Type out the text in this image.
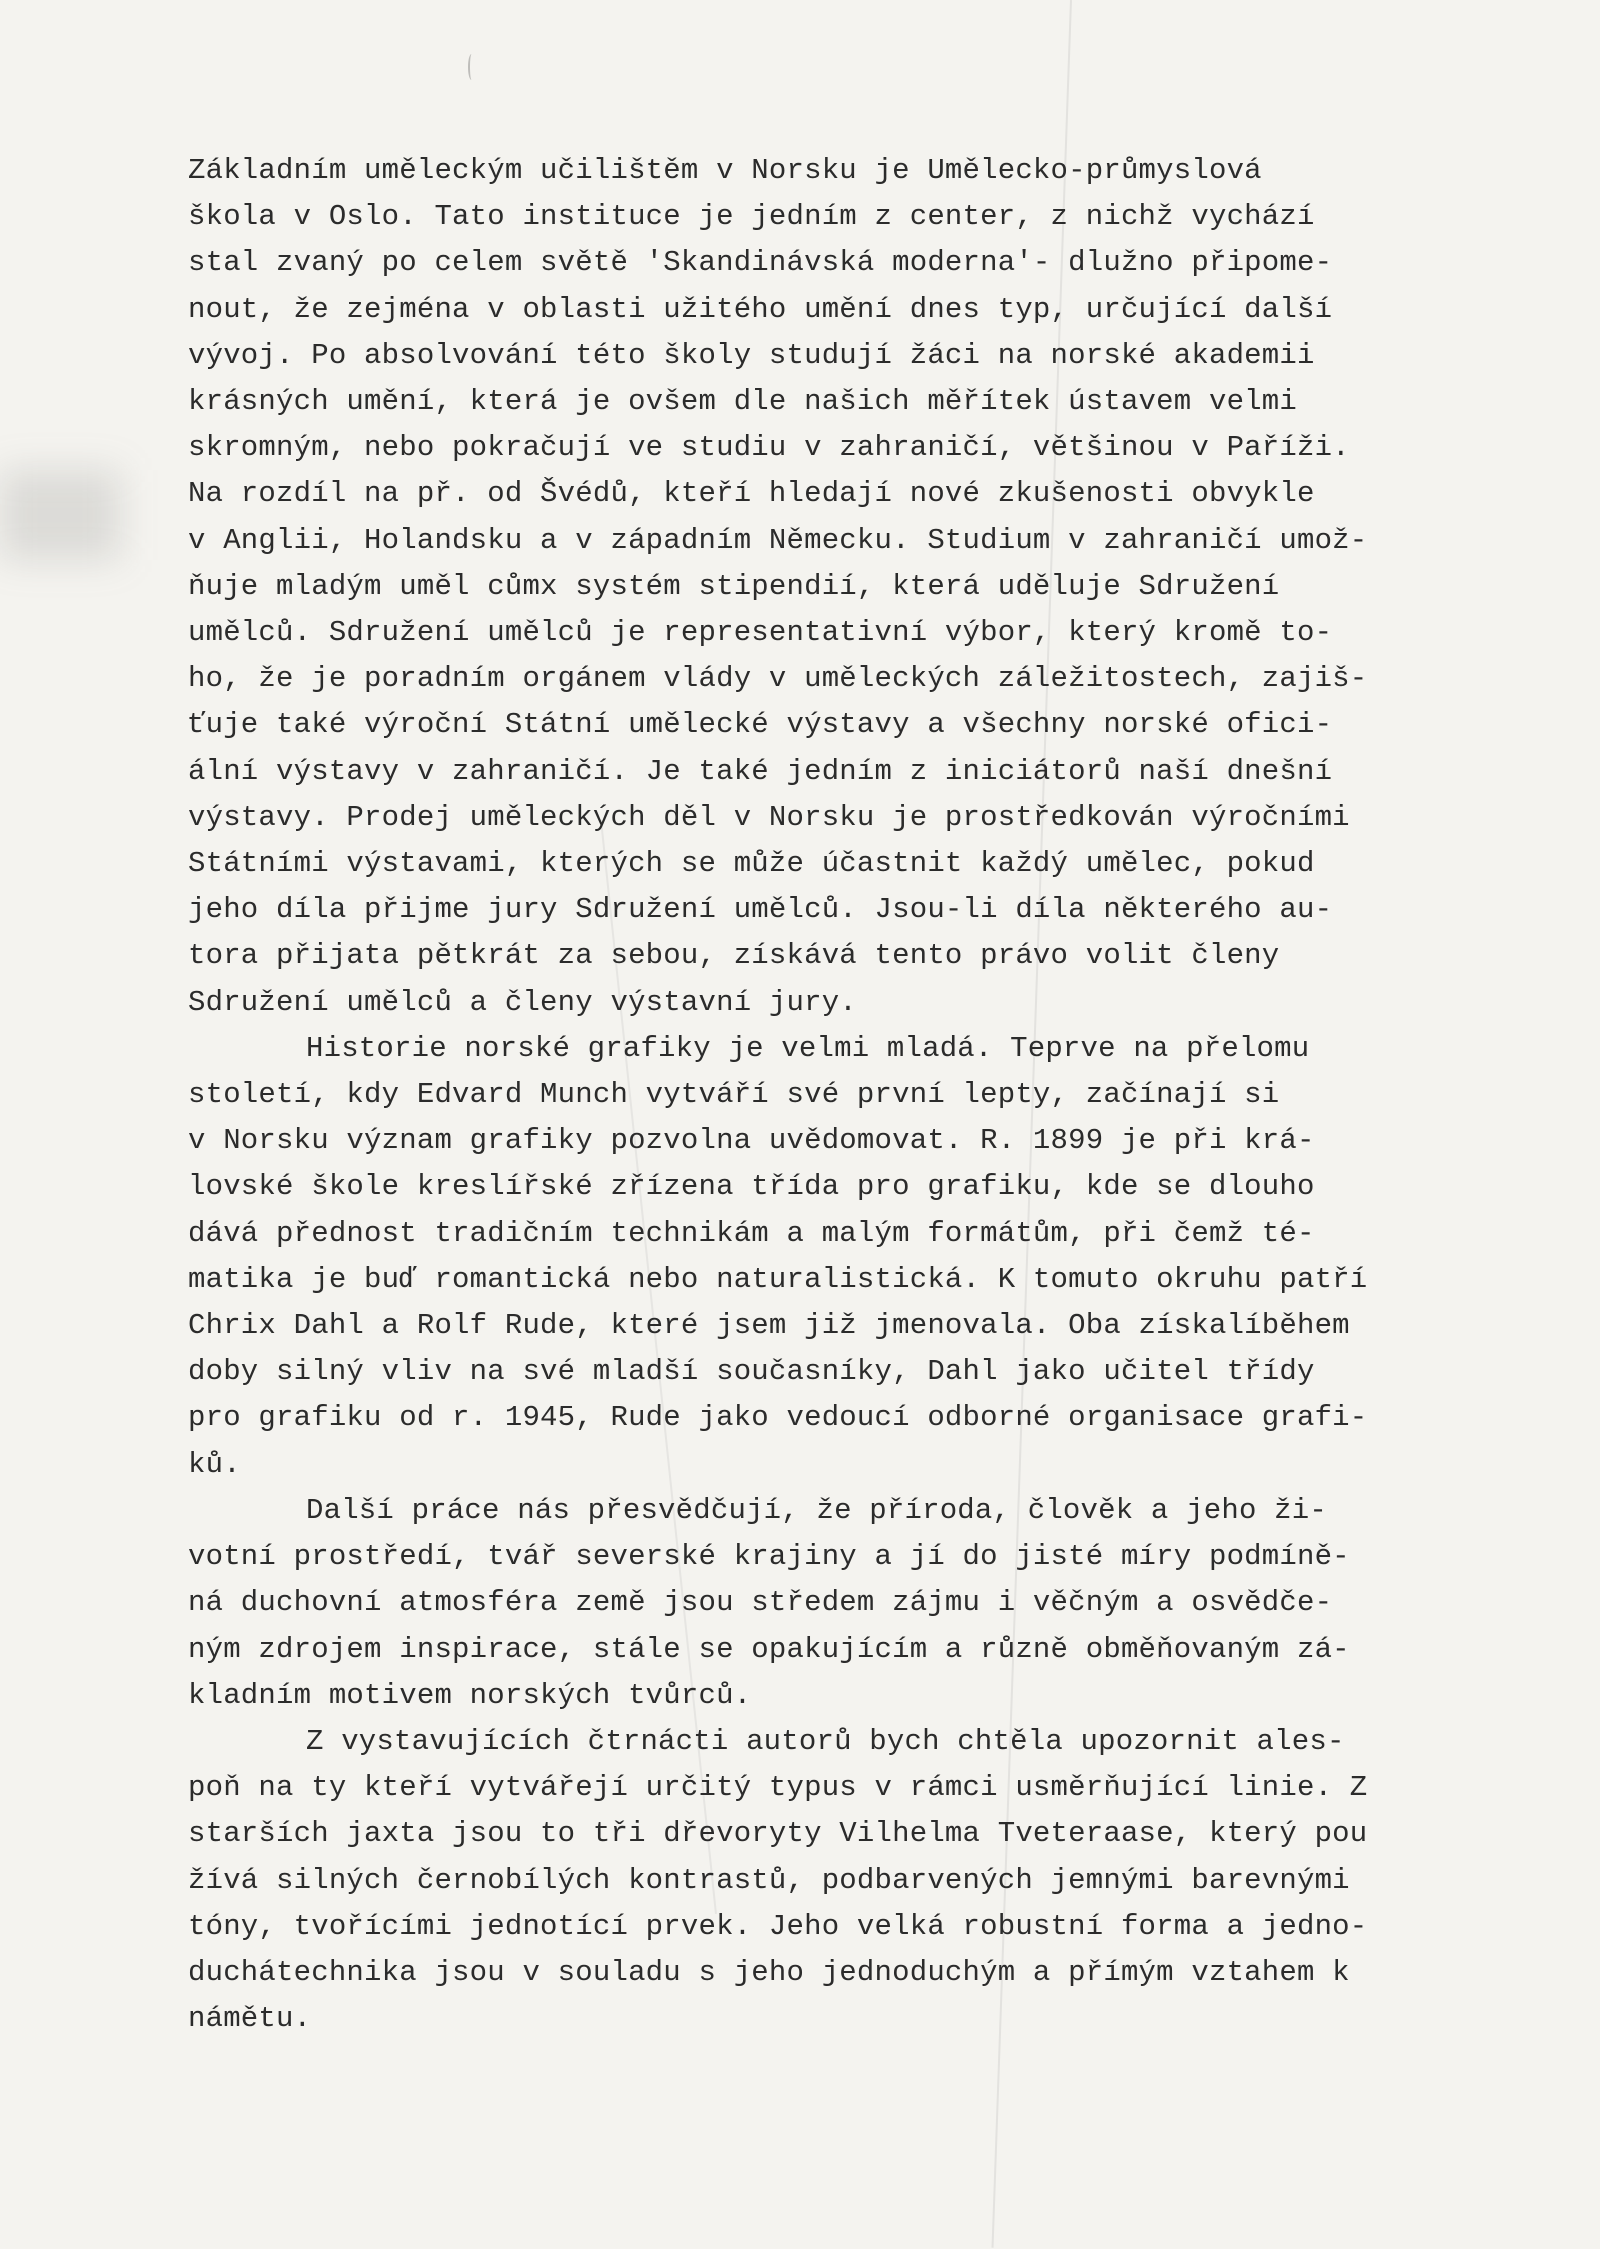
Základním uměleckým učilištěm v Norsku je Umělecko-průmyslová
škola v Oslo. Tato instituce je jedním z center, z nichž vychází
stal zvaný po celem světě 'Skandinávská moderna'- dlužno připome-
nout, že zejména v oblasti užitého umění dnes typ, určující další
vývoj. Po absolvování této školy studují žáci na norské akademii
krásných umění, která je ovšem dle našich měřítek ústavem velmi
skromným, nebo pokračují ve studiu v zahraničí, většinou v Paříži.
Na rozdíl na př. od Švédů, kteří hledají nové zkušenosti obvykle
v Anglii, Holandsku a v západním Německu. Studium v zahraničí umož-
ňuje mladým uměl cůmx systém stipendií, která uděluje Sdružení
umělců. Sdružení umělců je representativní výbor, který kromě to-
ho, že je poradním orgánem vlády v uměleckých záležitostech, zajiš-
ťuje také výroční Státní umělecké výstavy a všechny norské ofici-
ální výstavy v zahraničí. Je také jedním z iniciátorů naší dnešní
výstavy. Prodej uměleckých děl v Norsku je prostředkován výročními
Státními výstavami, kterých se může účastnit každý umělec, pokud
jeho díla přijme jury Sdružení umělců. Jsou-li díla některého au-
tora přijata pětkrát za sebou, získává tento právo volit členy
Sdružení umělců a členy výstavní jury.
Historie norské grafiky je velmi mladá. Teprve na přelomu
století, kdy Edvard Munch vytváří své první lepty, začínají si
v Norsku význam grafiky pozvolna uvědomovat. R. 1899 je při krá-
lovské škole kreslířské zřízena třída pro grafiku, kde se dlouho
dává přednost tradičním technikám a malým formátům, při čemž té-
matika je buď romantická nebo naturalistická. K tomuto okruhu patří
Chrix Dahl a Rolf Rude, které jsem již jmenovala. Oba získalíběhem
doby silný vliv na své mladší současníky, Dahl jako učitel třídy
pro grafiku od r. 1945, Rude jako vedoucí odborné organisace grafi-
ků.
Další práce nás přesvědčují, že příroda, člověk a jeho ži-
votní prostředí, tvář severské krajiny a jí do jisté míry podmíně-
ná duchovní atmosféra země jsou středem zájmu i věčným a osvědče-
ným zdrojem inspirace, stále se opakujícím a různě obměňovaným zá-
kladním motivem norských tvůrců.
Z vystavujících čtrnácti autorů bych chtěla upozornit ales-
poň na ty kteří vytvářejí určitý typus v rámci usměrňující linie. Z
starších jaxta jsou to tři dřevoryty Vilhelma Tveteraase, který pou
žívá silných černobílých kontrastů, podbarvených jemnými barevnými
tóny, tvořícími jednotící prvek. Jeho velká robustní forma a jedno-
duchátechnika jsou v souladu s jeho jednoduchým a přímým vztahem k
námětu.
